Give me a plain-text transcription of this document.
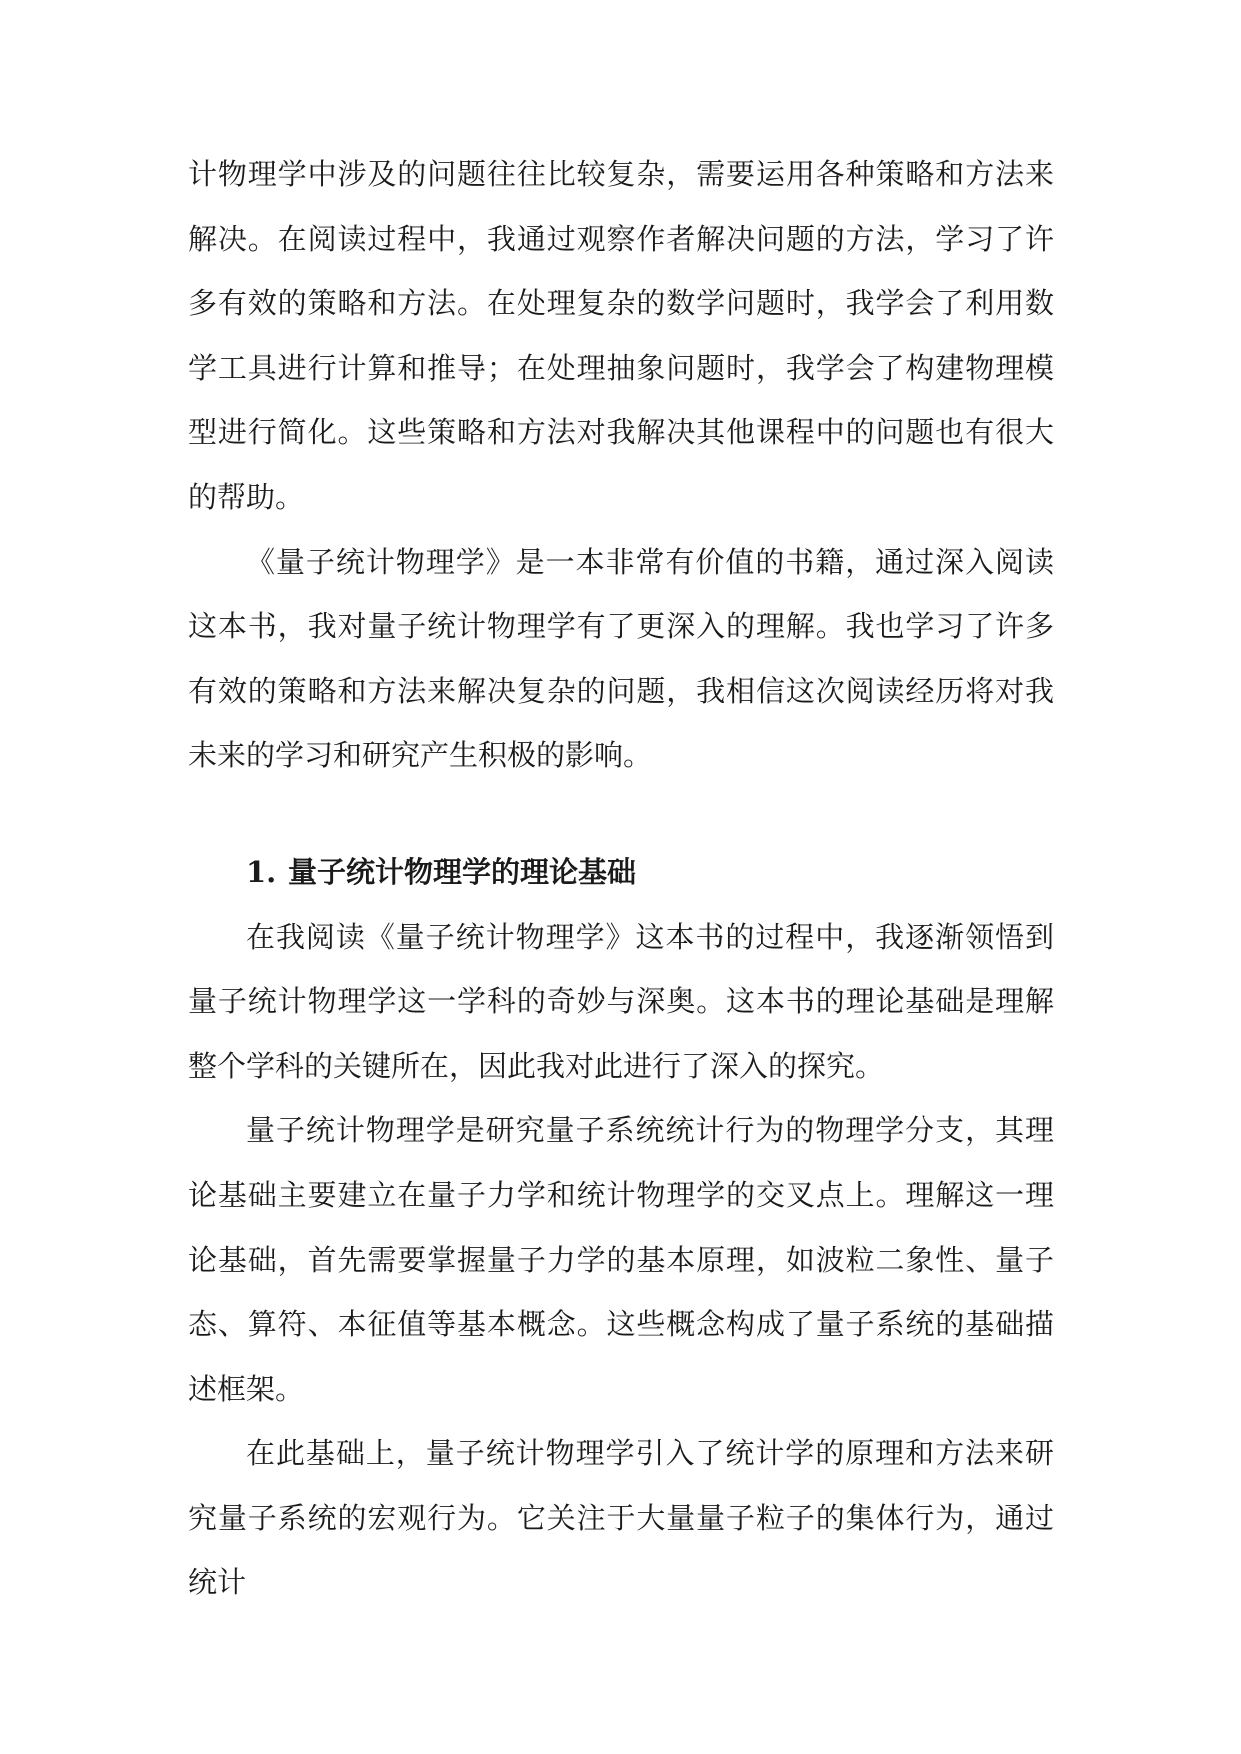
计物理学中涉及的问题往往比较复杂，需要运用各种策略和方法来解决。在阅读过程中，我通过观察作者解决问题的方法，学习了许多有效的策略和方法。在处理复杂的数学问题时，我学会了利用数学工具进行计算和推导；在处理抽象问题时，我学会了构建物理模型进行简化。这些策略和方法对我解决其他课程中的问题也有很大的帮助。

《量子统计物理学》是一本非常有价值的书籍，通过深入阅读这本书，我对量子统计物理学有了更深入的理解。我也学习了许多有效的策略和方法来解决复杂的问题，我相信这次阅读经历将对我未来的学习和研究产生积极的影响。

1. 量子统计物理学的理论基础

在我阅读《量子统计物理学》这本书的过程中，我逐渐领悟到量子统计物理学这一学科的奇妙与深奥。这本书的理论基础是理解整个学科的关键所在，因此我对此进行了深入的探究。

量子统计物理学是研究量子系统统计行为的物理学分支，其理论基础主要建立在量子力学和统计物理学的交叉点上。理解这一理论基础，首先需要掌握量子力学的基本原理，如波粒二象性、量子态、算符、本征值等基本概念。这些概念构成了量子系统的基础描述框架。

在此基础上，量子统计物理学引入了统计学的原理和方法来研究量子系统的宏观行为。它关注于大量量子粒子的集体行为，通过统计
